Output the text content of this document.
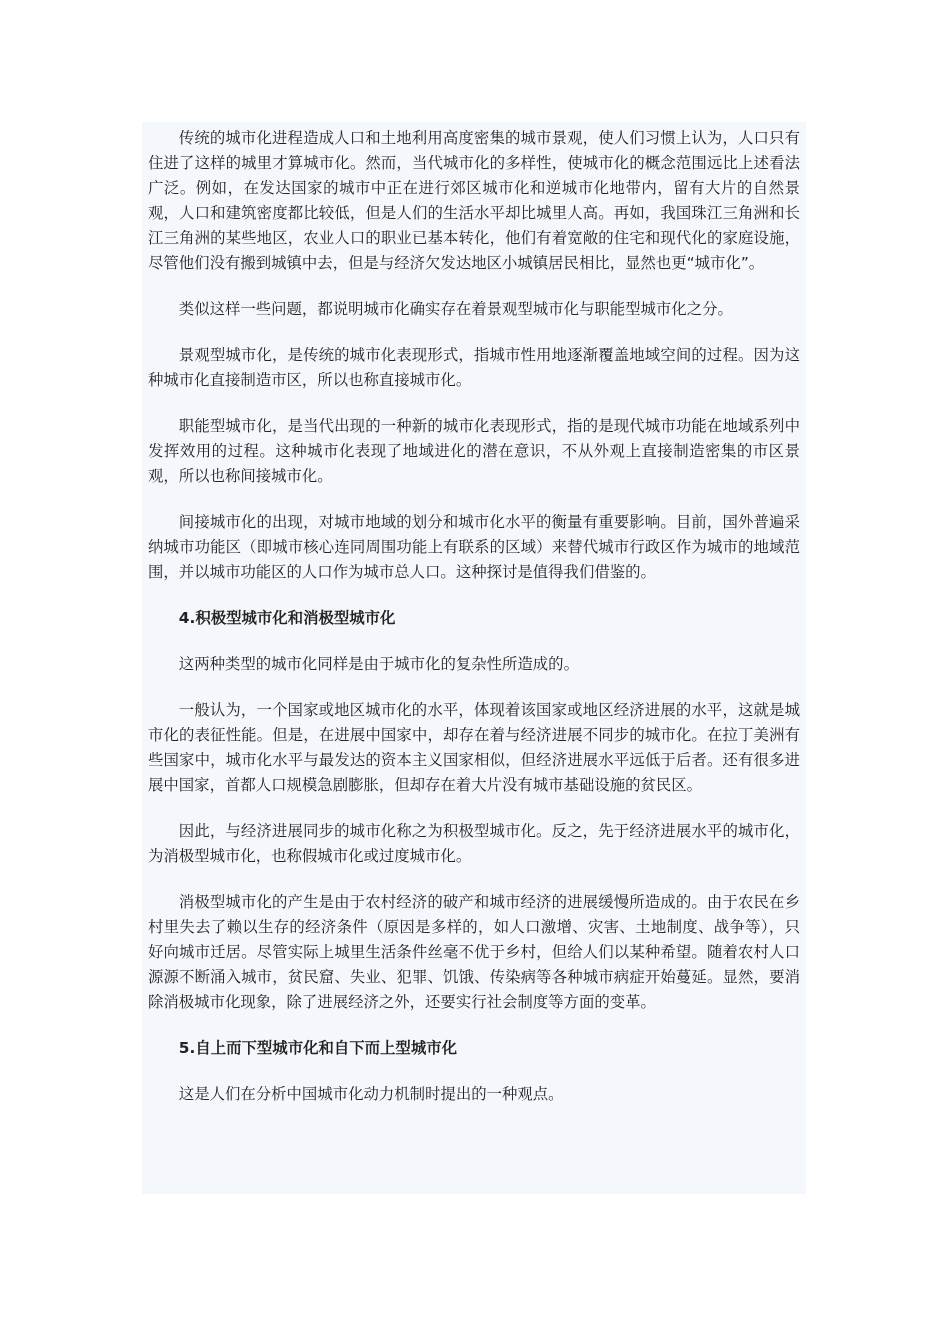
传统的城市化进程造成人口和土地利用高度密集的城市景观，使人们习惯上认为，人口只有住进了这样的城里才算城市化。然而，当代城市化的多样性，使城市化的概念范围远比上述看法广泛。例如，在发达国家的城市中正在进行郊区城市化和逆城市化地带内，留有大片的自然景观，人口和建筑密度都比较低，但是人们的生活水平却比城里人高。再如，我国珠江三角洲和长江三角洲的某些地区，农业人口的职业已基本转化，他们有着宽敞的住宅和现代化的家庭设施，尽管他们没有搬到城镇中去，但是与经济欠发达地区小城镇居民相比，显然也更“城市化”。

类似这样一些问题，都说明城市化确实存在着景观型城市化与职能型城市化之分。

景观型城市化，是传统的城市化表现形式，指城市性用地逐渐覆盖地域空间的过程。因为这种城市化直接制造市区，所以也称直接城市化。

职能型城市化，是当代出现的一种新的城市化表现形式，指的是现代城市功能在地域系列中发挥效用的过程。这种城市化表现了地域进化的潜在意识，不从外观上直接制造密集的市区景观，所以也称间接城市化。

间接城市化的出现，对城市地域的划分和城市化水平的衡量有重要影响。目前，国外普遍采纳城市功能区（即城市核心连同周围功能上有联系的区域）来替代城市行政区作为城市的地域范围，并以城市功能区的人口作为城市总人口。这种探讨是值得我们借鉴的。

4.积极型城市化和消极型城市化

这两种类型的城市化同样是由于城市化的复杂性所造成的。

一般认为，一个国家或地区城市化的水平，体现着该国家或地区经济进展的水平，这就是城市化的表征性能。但是，在进展中国家中，却存在着与经济进展不同步的城市化。在拉丁美洲有些国家中，城市化水平与最发达的资本主义国家相似，但经济进展水平远低于后者。还有很多进展中国家，首都人口规模急剧膨胀，但却存在着大片没有城市基础设施的贫民区。

因此，与经济进展同步的城市化称之为积极型城市化。反之，先于经济进展水平的城市化，为消极型城市化，也称假城市化或过度城市化。

消极型城市化的产生是由于农村经济的破产和城市经济的进展缓慢所造成的。由于农民在乡村里失去了赖以生存的经济条件（原因是多样的，如人口激增、灾害、土地制度、战争等），只好向城市迁居。尽管实际上城里生活条件丝毫不优于乡村，但给人们以某种希望。随着农村人口源源不断涌入城市，贫民窟、失业、犯罪、饥饿、传染病等各种城市病症开始蔓延。显然，要消除消极城市化现象，除了进展经济之外，还要实行社会制度等方面的变革。

5.自上而下型城市化和自下而上型城市化

这是人们在分析中国城市化动力机制时提出的一种观点。
